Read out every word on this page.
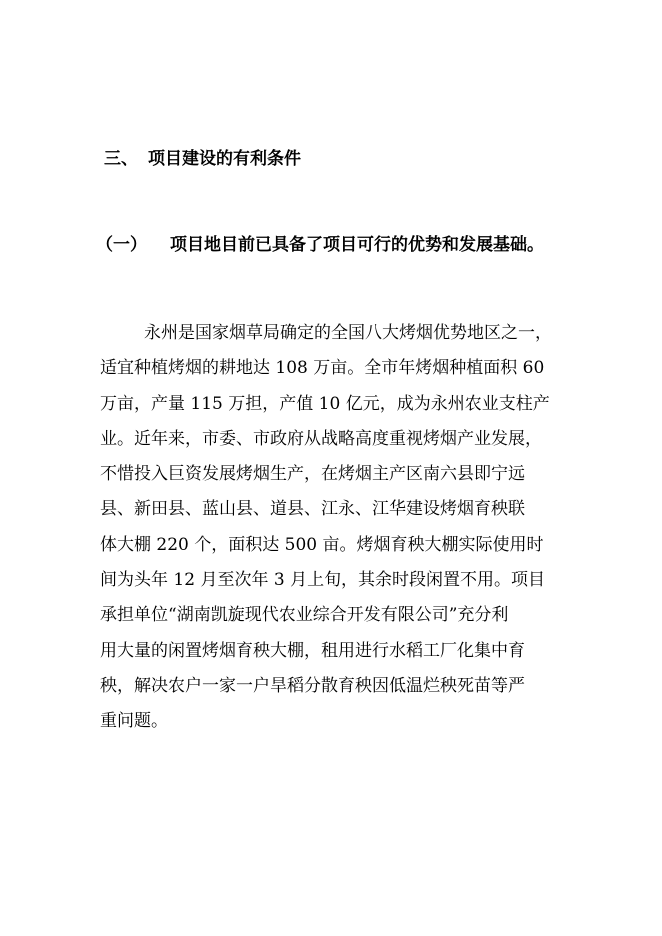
三、 项目建设的有利条件
（一） 项目地目前已具备了项目可行的优势和发展基础。
永州是国家烟草局确定的全国八大烤烟优势地区之一，
适宜种植烤烟的耕地达 108 万亩。全市年烤烟种植面积 60
万亩，产量 115 万担，产值 10 亿元，成为永州农业支柱产
业。近年来，市委、市政府从战略高度重视烤烟产业发展，
不惜投入巨资发展烤烟生产，在烤烟主产区南六县即宁远
县、新田县、蓝山县、道县、江永、江华建设烤烟育秧联
体大棚 220 个，面积达 500 亩。烤烟育秧大棚实际使用时
间为头年 12 月至次年 3 月上旬，其余时段闲置不用。项目
承担单位“湖南凯旋现代农业综合开发有限公司”充分利
用大量的闲置烤烟育秧大棚，租用进行水稻工厂化集中育
秧，解决农户一家一户旱稻分散育秧因低温烂秧死苗等严
重问题。
